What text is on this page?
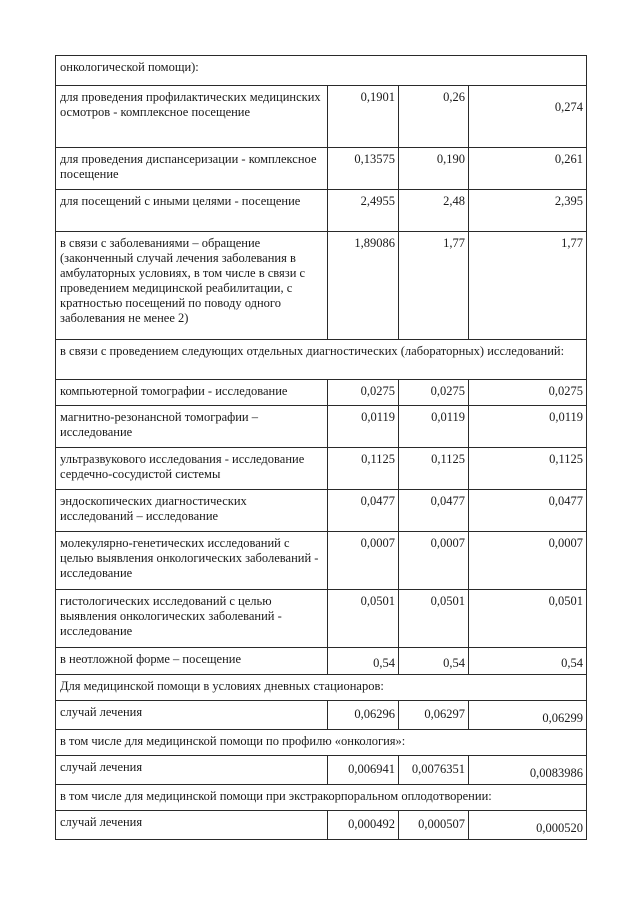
онкологической помощи):			
для проведения профилактических медицинских осмотров - комплексное посещение	0,1901	0,26	0,274
для проведения диспансеризации - комплексное посещение	0,13575	0,190	0,261
для посещений с иными целями - посещение	2,4955	2,48	2,395
в связи с заболеваниями – обращение (законченный случай лечения заболевания в амбулаторных условиях, в том числе в связи с проведением медицинской реабилитации, с кратностью посещений по поводу одного заболевания не менее 2)	1,89086	1,77	1,77
в связи с проведением следующих отдельных диагностических (лабораторных) исследований:			
компьютерной томографии - исследование	0,0275	0,0275	0,0275
магнитно-резонансной томографии – исследование	0,0119	0,0119	0,0119
ультразвукового исследования - исследование сердечно-сосудистой системы	0,1125	0,1125	0,1125
эндоскопических диагностических исследований – исследование	0,0477	0,0477	0,0477
молекулярно-генетических исследований с целью выявления онкологических заболеваний - исследование	0,0007	0,0007	0,0007
гистологических исследований с целью выявления онкологических заболеваний - исследование	0,0501	0,0501	0,0501
в неотложной форме – посещение	0,54	0,54	0,54
Для медицинской помощи в условиях дневных стационаров:			
случай лечения	0,06296	0,06297	0,06299
в том числе для медицинской помощи по профилю «онкология»:			
случай лечения	0,006941	0,0076351	0,0083986
в том числе для медицинской помощи при экстракорпоральном оплодотворении:			
случай лечения	0,000492	0,000507	0,000520
